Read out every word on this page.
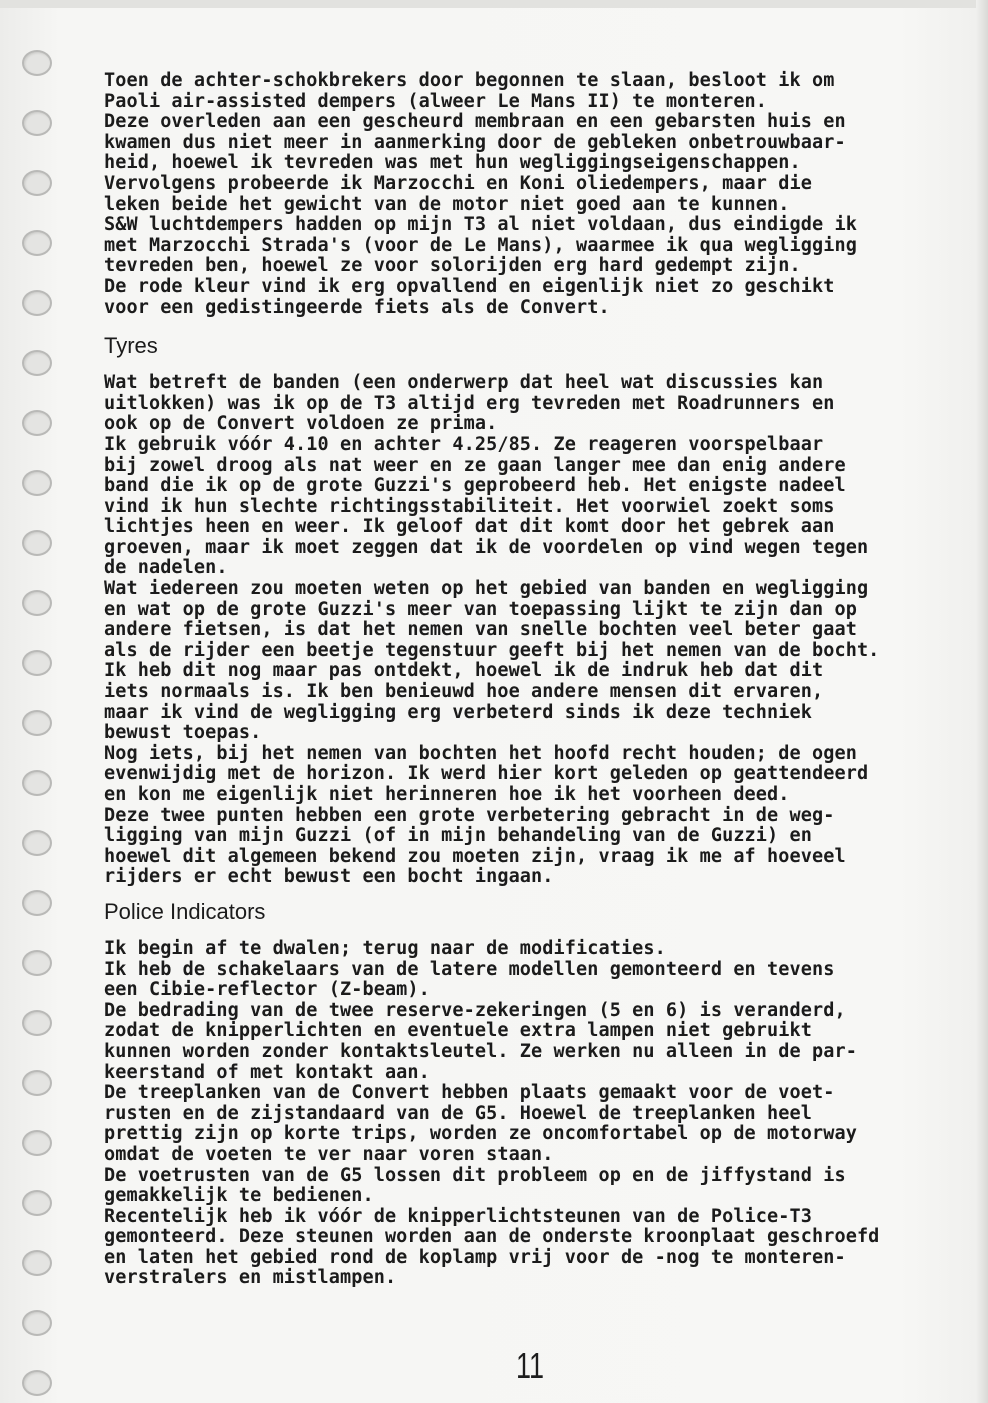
Toen de achter-schokbrekers door begonnen te slaan, besloot ik om
Paoli air-assisted dempers (alweer Le Mans II) te monteren.
Deze overleden aan een gescheurd membraan en een gebarsten huis en
kwamen dus niet meer in aanmerking door de gebleken onbetrouwbaar-
heid, hoewel ik tevreden was met hun wegliggingseigenschappen.
Vervolgens probeerde ik Marzocchi en Koni oliedempers, maar die
leken beide het gewicht van de motor niet goed aan te kunnen.
S&W luchtdempers hadden op mijn T3 al niet voldaan, dus eindigde ik
met Marzocchi Strada's (voor de Le Mans), waarmee ik qua wegligging
tevreden ben, hoewel ze voor solorijden erg hard gedempt zijn.
De rode kleur vind ik erg opvallend en eigenlijk niet zo geschikt
voor een gedistingeerde fiets als de Convert.
Tyres
Wat betreft de banden (een onderwerp dat heel wat discussies kan
uitlokken) was ik op de T3 altijd erg tevreden met Roadrunners en
ook op de Convert voldoen ze prima.
Ik gebruik vóór 4.10 en achter 4.25/85. Ze reageren voorspelbaar
bij zowel droog als nat weer en ze gaan langer mee dan enig andere
band die ik op de grote Guzzi's geprobeerd heb. Het enigste nadeel
vind ik hun slechte richtingsstabiliteit. Het voorwiel zoekt soms
lichtjes heen en weer. Ik geloof dat dit komt door het gebrek aan
groeven, maar ik moet zeggen dat ik de voordelen op vind wegen tegen
de nadelen.
Wat iedereen zou moeten weten op het gebied van banden en wegligging
en wat op de grote Guzzi's meer van toepassing lijkt te zijn dan op
andere fietsen, is dat het nemen van snelle bochten veel beter gaat
als de rijder een beetje tegenstuur geeft bij het nemen van de bocht.
Ik heb dit nog maar pas ontdekt, hoewel ik de indruk heb dat dit
iets normaals is. Ik ben benieuwd hoe andere mensen dit ervaren,
maar ik vind de wegligging erg verbeterd sinds ik deze techniek
bewust toepas.
Nog iets, bij het nemen van bochten het hoofd recht houden; de ogen
evenwijdig met de horizon. Ik werd hier kort geleden op geattendeerd
en kon me eigenlijk niet herinneren hoe ik het voorheen deed.
Deze twee punten hebben een grote verbetering gebracht in de weg-
ligging van mijn Guzzi (of in mijn behandeling van de Guzzi) en
hoewel dit algemeen bekend zou moeten zijn, vraag ik me af hoeveel
rijders er echt bewust een bocht ingaan.
Police Indicators
Ik begin af te dwalen; terug naar de modificaties.
Ik heb de schakelaars van de latere modellen gemonteerd en tevens
een Cibie-reflector (Z-beam).
De bedrading van de twee reserve-zekeringen (5 en 6) is veranderd,
zodat de knipperlichten en eventuele extra lampen niet gebruikt
kunnen worden zonder kontaktsleutel. Ze werken nu alleen in de par-
keerstand of met kontakt aan.
De treeplanken van de Convert hebben plaats gemaakt voor de voet-
rusten en de zijstandaard van de G5. Hoewel de treeplanken heel
prettig zijn op korte trips, worden ze oncomfortabel op de motorway
omdat de voeten te ver naar voren staan.
De voetrusten van de G5 lossen dit probleem op en de jiffystand is
gemakkelijk te bedienen.
Recentelijk heb ik vóór de knipperlichtsteunen van de Police-T3
gemonteerd. Deze steunen worden aan de onderste kroonplaat geschroefd
en laten het gebied rond de koplamp vrij voor de -nog te monteren-
verstralers en mistlampen.
11
